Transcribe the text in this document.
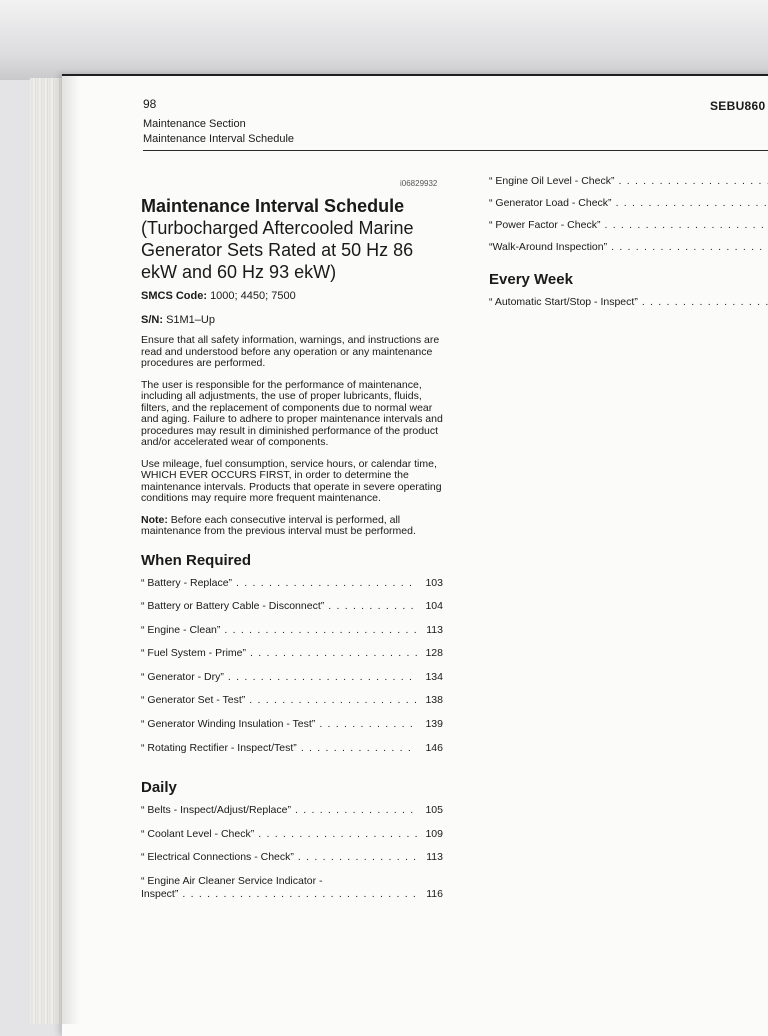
98
Maintenance Section
Maintenance Interval Schedule
SEBU860
i06829932
Maintenance Interval Schedule (Turbocharged Aftercooled Marine Generator Sets Rated at 50 Hz 86 ekW and 60 Hz 93 ekW)

SMCS Code: 1000; 4450; 7500

S/N: S1M1–Up

Ensure that all safety information, warnings, and instructions are read and understood before any operation or any maintenance procedures are performed.

The user is responsible for the performance of maintenance, including all adjustments, the use of proper lubricants, fluids, filters, and the replacement of components due to normal wear and aging. Failure to adhere to proper maintenance intervals and procedures may result in diminished performance of the product and/or accelerated wear of components.

Use mileage, fuel consumption, service hours, or calendar time, WHICH EVER OCCURS FIRST, in order to determine the maintenance intervals. Products that operate in severe operating conditions may require more frequent maintenance.

Note: Before each consecutive interval is performed, all maintenance from the previous interval must be performed.

When Required
“ Battery - Replace” . . .	103
“ Battery or Battery Cable - Disconnect” . . .	104
“ Engine - Clean” . . .	113
“ Fuel System - Prime” . . .	128
“ Generator - Dry” . . .	134
“ Generator Set - Test” . . .	138
“ Generator Winding Insulation - Test” . . .	139
“ Rotating Rectifier - Inspect/Test” . . .	146
Daily
“ Belts - Inspect/Adjust/Replace” . . .	105
“ Coolant Level - Check” . . .	109
“ Electrical Connections - Check” . . .	113
“ Engine Air Cleaner Service Indicator -
Inspect” . . .	116
“ Engine Oil Level - Check”
. . .
“ Generator Load - Check”
. . .
“ Power Factor - Check”
. . .
“Walk-Around Inspection”
. . .
Every Week
“ Automatic Start/Stop - Inspect”
. . .
